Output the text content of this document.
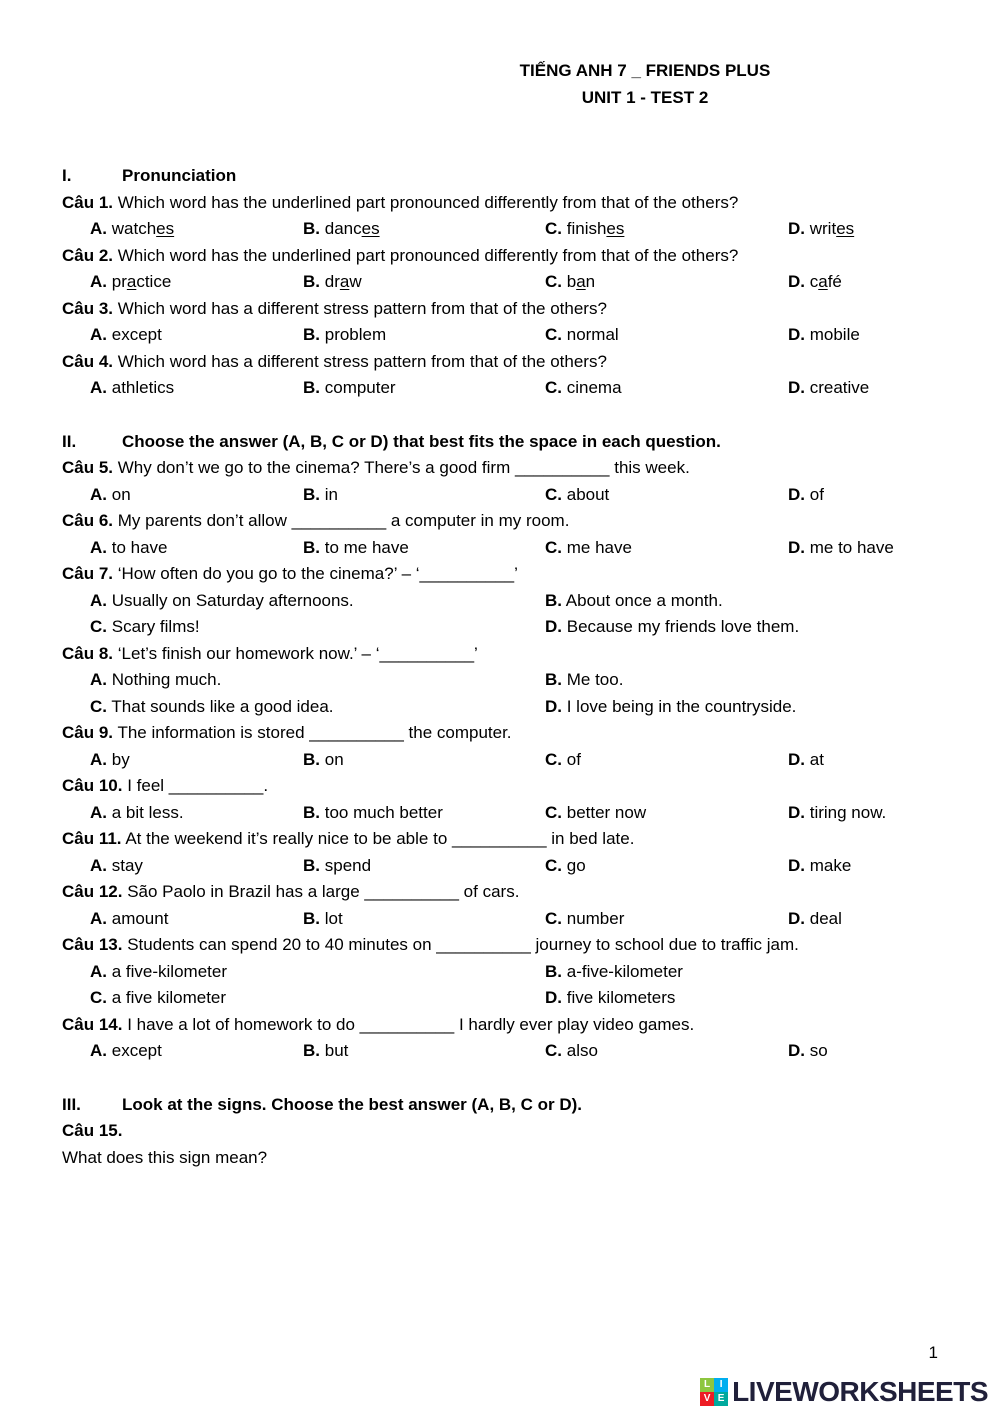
TIẾNG ANH 7 _ FRIENDS PLUS
UNIT 1 - TEST 2

I.	Pronunciation

Câu 1. Which word has the underlined part pronounced differently from that of the others?

A. watches	B. dances	C. finishes	D. writes

Câu 2. Which word has the underlined part pronounced differently from that of the others?

A. practice	B. draw	C. ban	D. café

Câu 3. Which word has a different stress pattern from that of the others?

A. except	B. problem	C. normal	D. mobile

Câu 4. Which word has a different stress pattern from that of the others?

A. athletics	B. computer	C. cinema	D. creative

II.	Choose the answer (A, B, C or D) that best fits the space in each question.

Câu 5. Why don’t we go to the cinema? There’s a good firm __________ this week.

A. on	B. in	C. about	D. of

Câu 6. My parents don’t allow __________ a computer in my room.

A. to have	B. to me have	C. me have	D. me to have

Câu 7. ‘How often do you go to the cinema?’ – ‘__________’

A. Usually on Saturday afternoons.	B. About once a month.
C. Scary films!	D. Because my friends love them.

Câu 8. ‘Let’s finish our homework now.’ – ‘__________’

A. Nothing much.	B. Me too.
C. That sounds like a good idea.	D. I love being in the countryside.

Câu 9. The information is stored __________ the computer.

A. by	B. on	C. of	D. at

Câu 10. I feel __________.

A. a bit less.	B. too much better	C. better now	D. tiring now.

Câu 11. At the weekend it’s really nice to be able to __________ in bed late.

A. stay	B. spend	C. go	D. make

Câu 12. São Paolo in Brazil has a large __________ of cars.

A. amount	B. lot	C. number	D. deal

Câu 13. Students can spend 20 to 40 minutes on __________ journey to school due to traffic jam.

A. a five-kilometer	B. a-five-kilometer
C. a five kilometer	D. five kilometers

Câu 14. I have a lot of homework to do __________ I hardly ever play video games.

A. except	B. but	C. also	D. so

III. Look at the signs. Choose the best answer (A, B, C or D).

Câu 15.

What does this sign mean?

1
L I
V E LIVEWORKSHEETS
